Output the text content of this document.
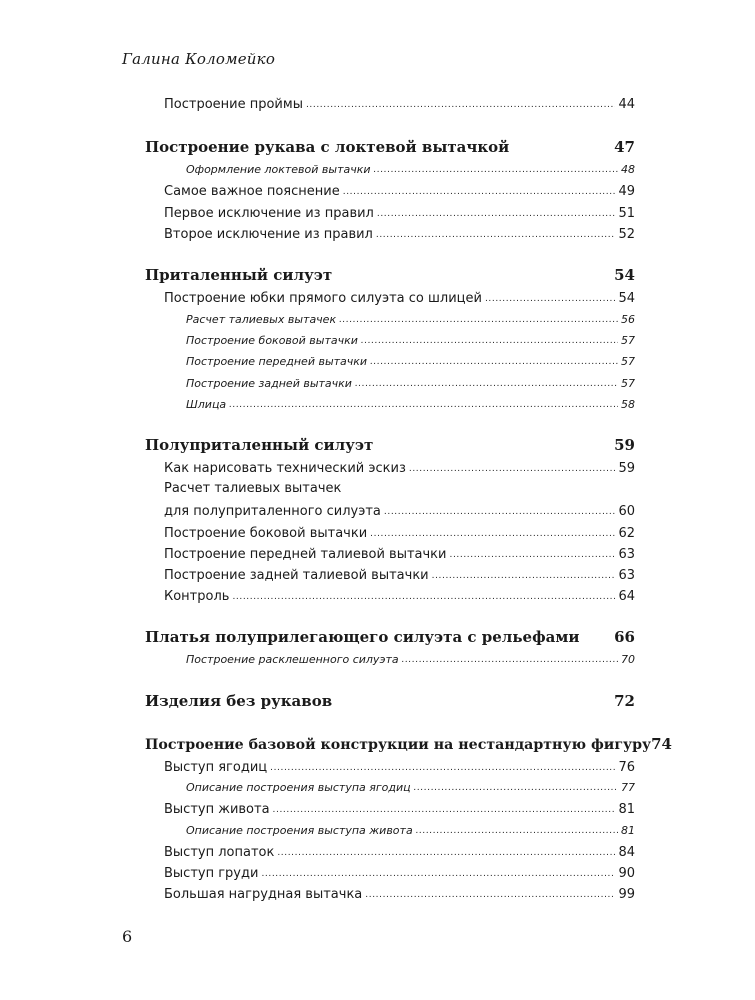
Галина Коломейко
Построение проймы .....	44
Построение рукава с локтевой вытачкой	47
Оформление локтевой вытачки .....	48
Самое важное пояснение .....	49
Первое исключение из правил .....	51
Второе исключение из правил .....	52
Приталенный силуэт	54
Построение юбки прямого силуэта со шлицей .....	54
Расчет талиевых вытачек .....	56
Построение боковой вытачки .....	57
Построение передней вытачки .....	57
Построение задней вытачки .....	57
Шлица .....	58
Полуприталенный силуэт	59
Как нарисовать технический эскиз .....	59
Расчет талиевых вытачек
для полуприталенного силуэта .....	60
Построение боковой вытачки .....	62
Построение передней талиевой вытачки .....	63
Построение задней талиевой вытачки .....	63
Контроль .....	64
Платья полуприлегающего силуэта с рельефами 66
Построение расклешенного силуэта .....	70
Изделия без рукавов	72
Построение базовой конструкции на нестандартную фигуру 74
Выступ ягодиц .....	76
Описание построения выступа ягодиц .....	77
Выступ живота .....	81
Описание построения выступа живота .....	81
Выступ лопаток .....	84
Выступ груди .....	90
Большая нагрудная вытачка .....	99
6
